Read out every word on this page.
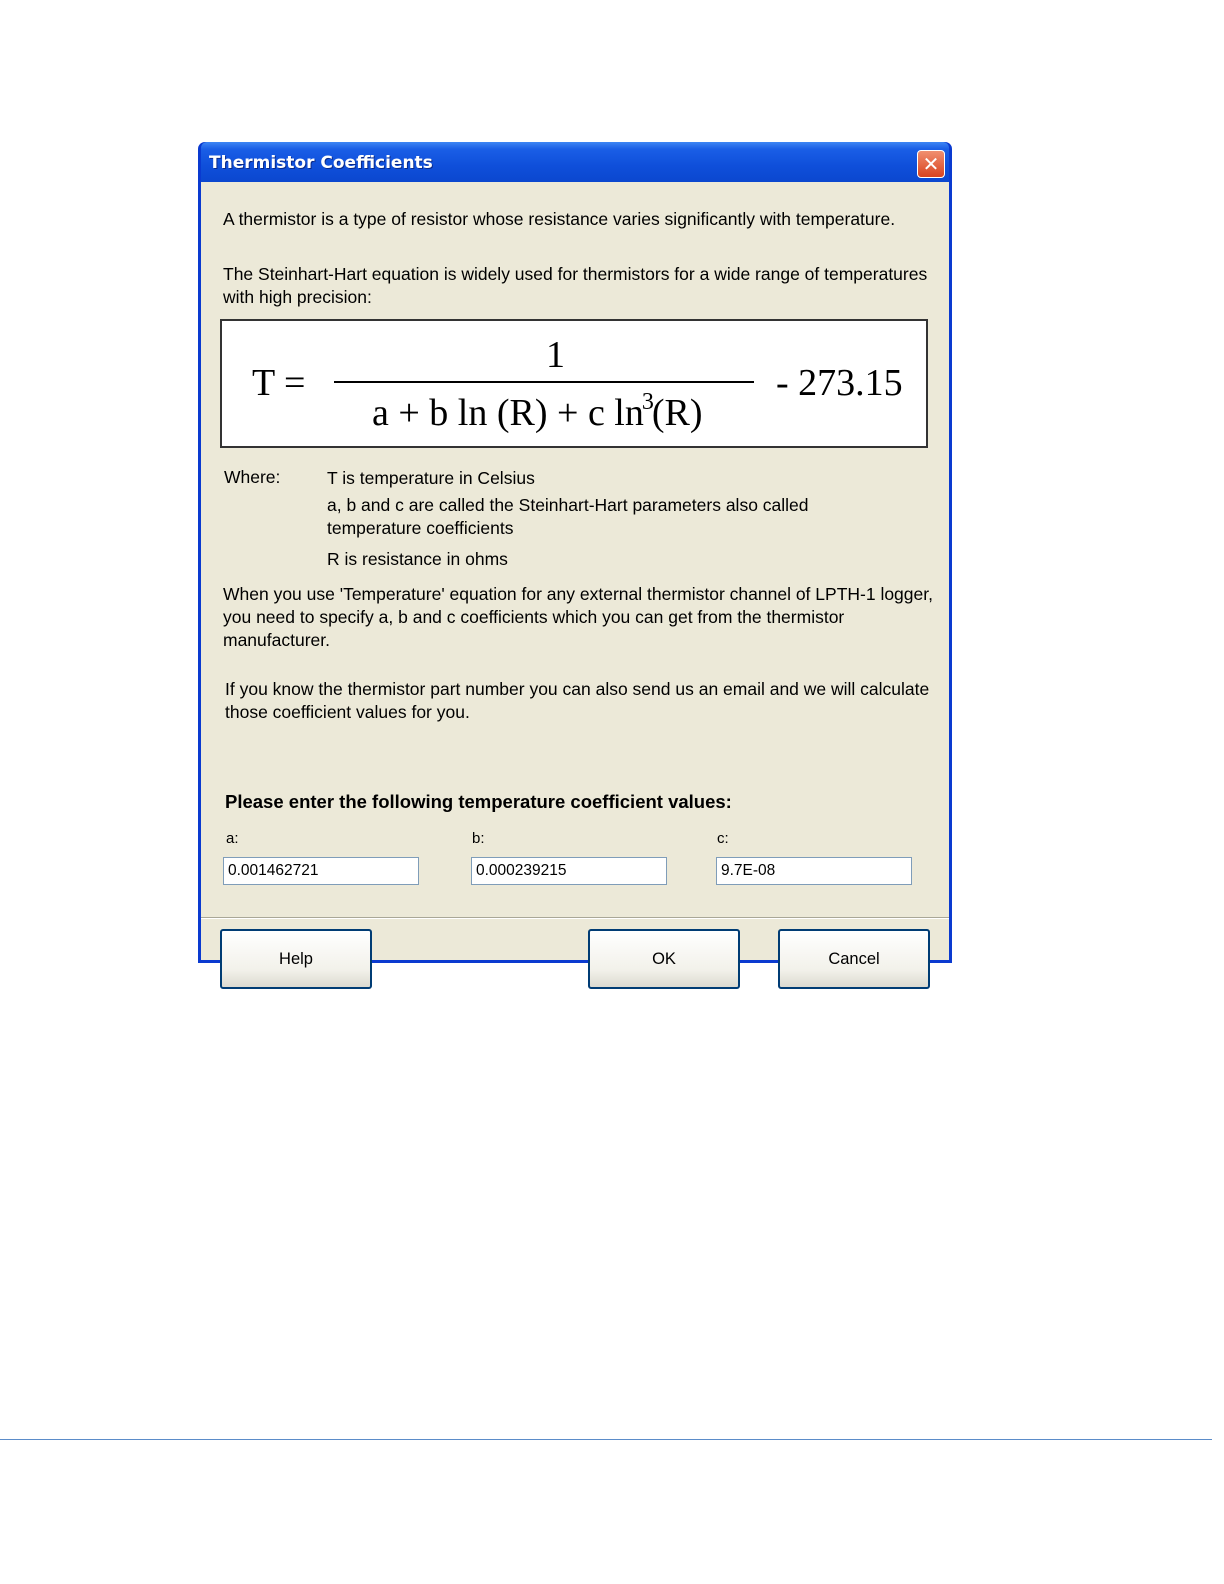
Thermistor Coefficients	✕

A thermistor is a type of resistor whose resistance varies significantly with temperature.

The Steinhart-Hart equation is widely used for thermistors for a wide range of temperatures with high precision:

T =
1
a + b ln (R) + c $\ln^3(R)$
- 273.15
Where:	T is temperature in Celsius
a, b and c are called the Steinhart-Hart parameters also called temperature coefficients
R is resistance in ohms

When you use 'Temperature' equation for any external thermistor channel of LPTH-1 logger, you need to specify a, b and c coefficients which you can get from the thermistor manufacturer.

If you know the thermistor part number you can also send us an email and we will calculate those coefficient values for you.

Please enter the following temperature coefficient values:
a:
0.001462721	b:
0.000239215	c:
9.7E-08
Help	OK	Cancel
